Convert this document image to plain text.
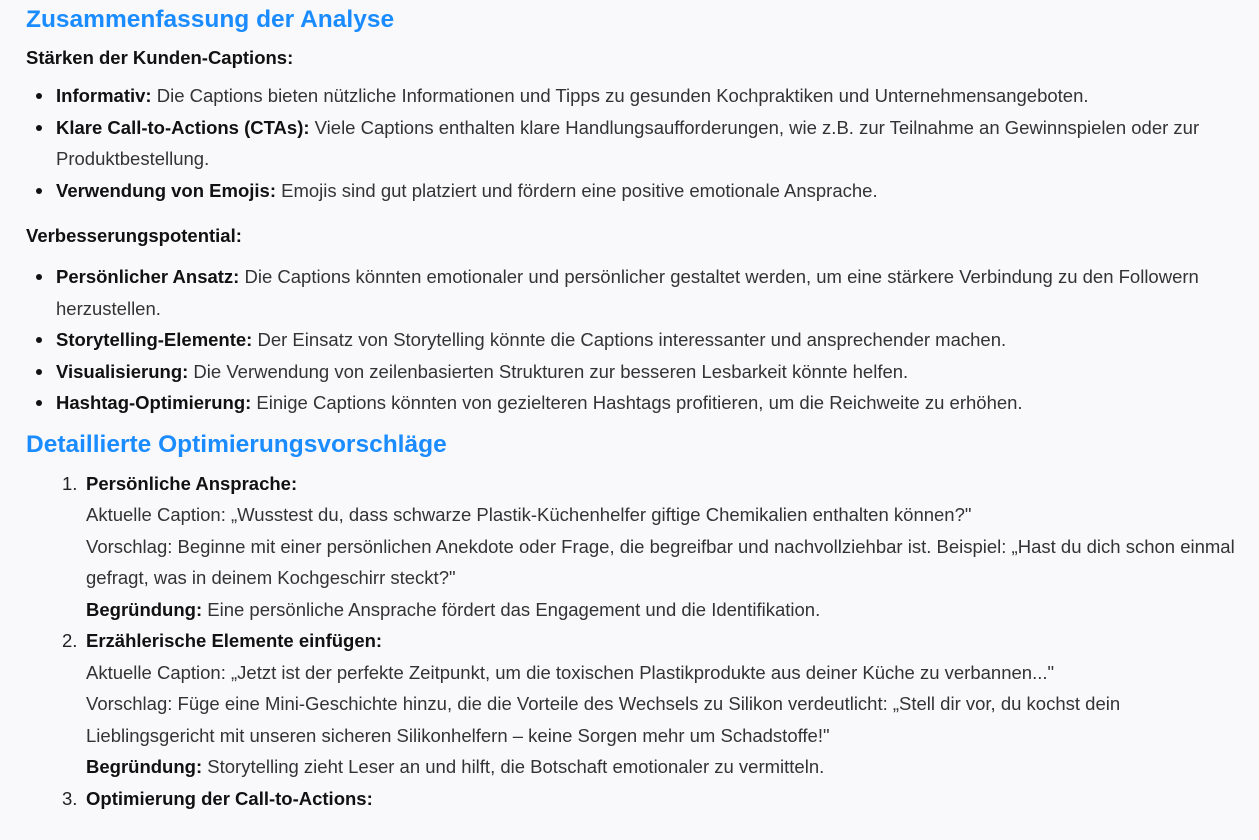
Zusammenfassung der Analyse

Stärken der Kunden-Captions:

Informativ: Die Captions bieten nützliche Informationen und Tipps zu gesunden Kochpraktiken und Unternehmensangeboten.
Klare Call-to-Actions (CTAs): Viele Captions enthalten klare Handlungsaufforderungen, wie z.B. zur Teilnahme an Gewinnspielen oder zur Produktbestellung.
Verwendung von Emojis: Emojis sind gut platziert und fördern eine positive emotionale Ansprache.

Verbesserungspotential:

Persönlicher Ansatz: Die Captions könnten emotionaler und persönlicher gestaltet werden, um eine stärkere Verbindung zu den Followern herzustellen.
Storytelling-Elemente: Der Einsatz von Storytelling könnte die Captions interessanter und ansprechender machen.
Visualisierung: Die Verwendung von zeilenbasierten Strukturen zur besseren Lesbarkeit könnte helfen.
Hashtag-Optimierung: Einige Captions könnten von gezielteren Hashtags profitieren, um die Reichweite zu erhöhen.
Detaillierte Optimierungsvorschläge
1. Persönliche Ansprache:
Aktuelle Caption: „Wusstest du, dass schwarze Plastik-Küchenhelfer giftige Chemikalien enthalten können?"
Vorschlag: Beginne mit einer persönlichen Anekdote oder Frage, die begreifbar und nachvollziehbar ist. Beispiel: „Hast du dich schon einmal gefragt, was in deinem Kochgeschirr steckt?"
Begründung: Eine persönliche Ansprache fördert das Engagement und die Identifikation.
2. Erzählerische Elemente einfügen:
Aktuelle Caption: „Jetzt ist der perfekte Zeitpunkt, um die toxischen Plastikprodukte aus deiner Küche zu verbannen..."
Vorschlag: Füge eine Mini-Geschichte hinzu, die die Vorteile des Wechsels zu Silikon verdeutlicht: „Stell dir vor, du kochst dein Lieblingsgericht mit unseren sicheren Silikonhelfern – keine Sorgen mehr um Schadstoffe!"
Begründung: Storytelling zieht Leser an und hilft, die Botschaft emotionaler zu vermitteln.
3. Optimierung der Call-to-Actions:
